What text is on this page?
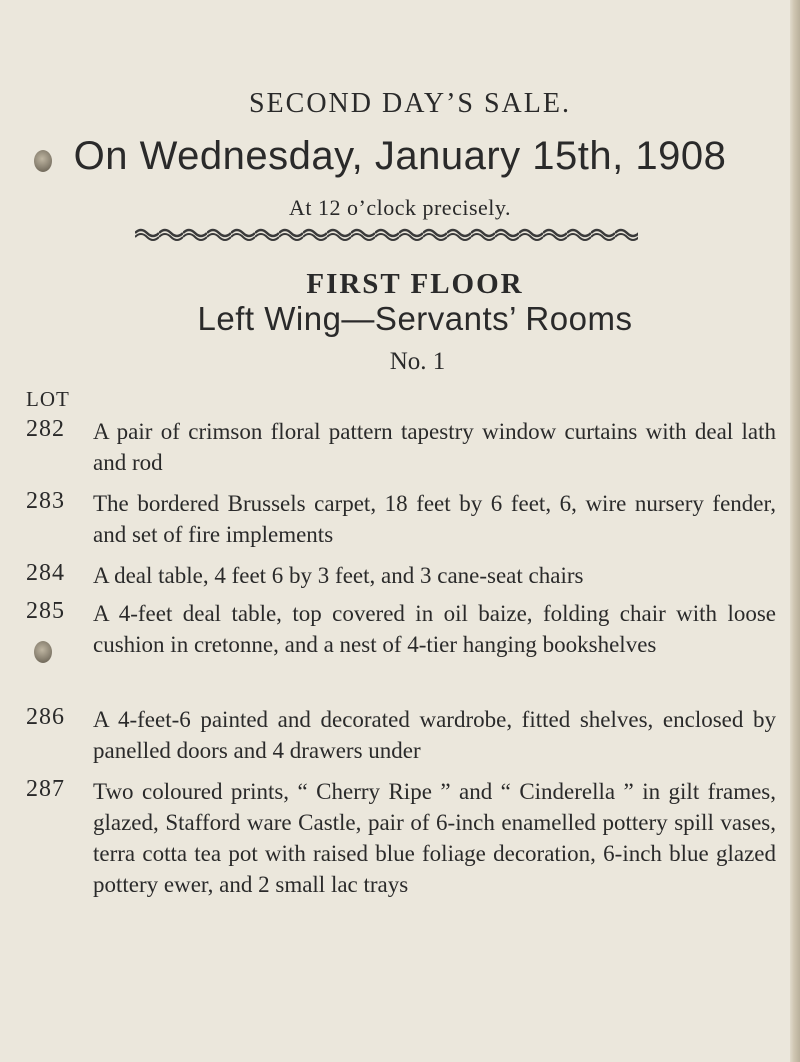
SECOND DAY’S SALE.
On Wednesday, January 15th, 1908
At 12 o’clock precisely.
FIRST FLOOR
Left Wing—Servants’ Rooms
No. 1
LOT
282 A pair of crimson floral pattern tapestry window curtains with deal lath and rod
283 The bordered Brussels carpet, 18 feet by 6 feet, 6, wire nursery fender, and set of fire implements
284 A deal table, 4 feet 6 by 3 feet, and 3 cane-seat chairs
285 A 4-feet deal table, top covered in oil baize, folding chair with loose cushion in cretonne, and a nest of 4-tier hanging bookshelves
286 A 4-feet-6 painted and decorated wardrobe, fitted shelves, enclosed by panelled doors and 4 drawers under
287 Two coloured prints, “ Cherry Ripe ” and “ Cinderella ” in gilt frames, glazed, Stafford ware Castle, pair of 6-inch enamelled pottery spill vases, terra cotta tea pot with raised blue foliage decoration, 6-inch blue glazed pottery ewer, and 2 small lac trays
